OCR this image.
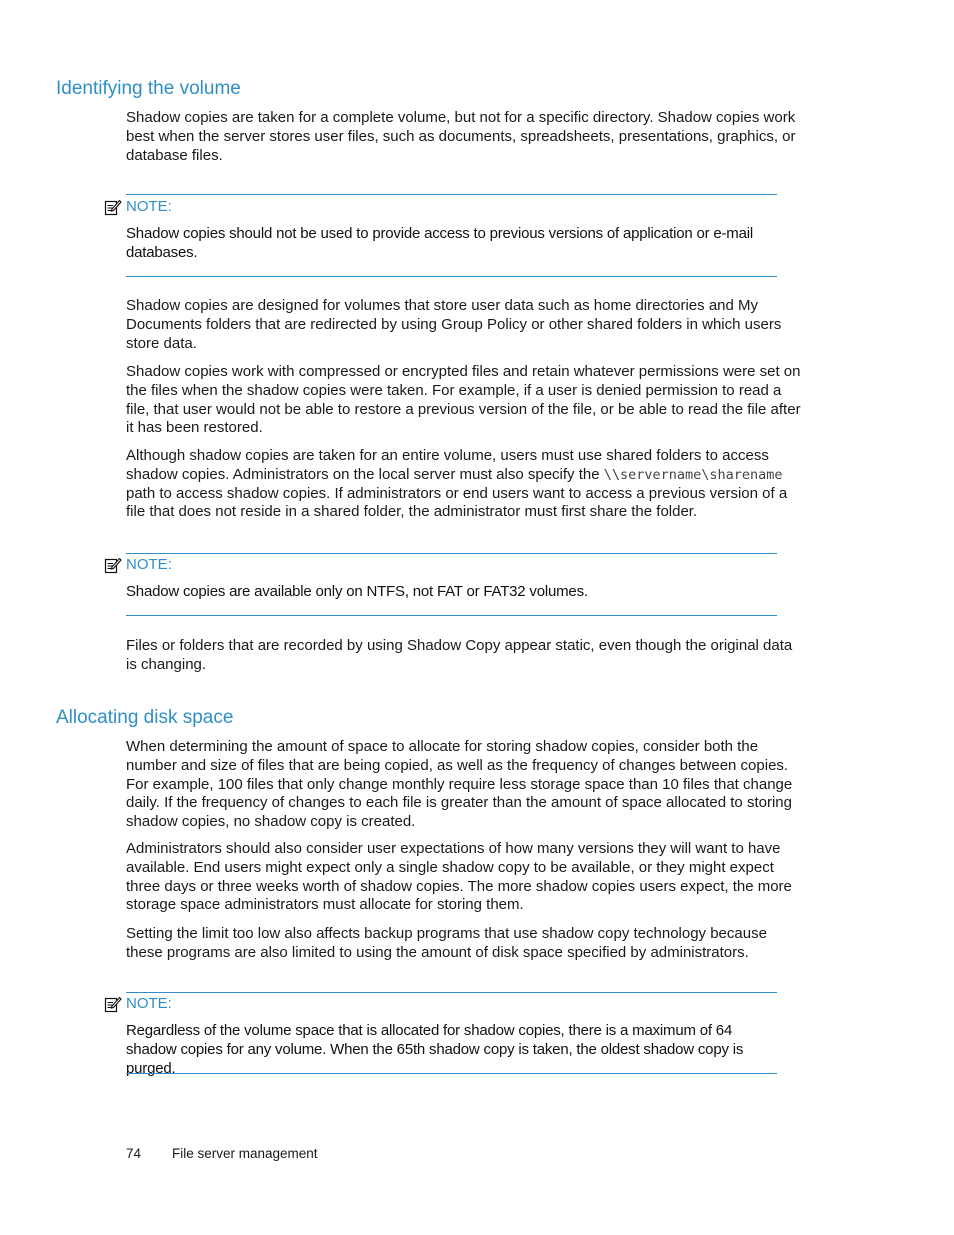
Identifying the volume

Shadow copies are taken for a complete volume, but not for a specific directory. Shadow copies work best when the server stores user files, such as documents, spreadsheets, presentations, graphics, or database files.

NOTE:

Shadow copies should not be used to provide access to previous versions of application or e-mail databases.

Shadow copies are designed for volumes that store user data such as home directories and My Documents folders that are redirected by using Group Policy or other shared folders in which users store data.

Shadow copies work with compressed or encrypted files and retain whatever permissions were set on the files when the shadow copies were taken. For example, if a user is denied permission to read a file, that user would not be able to restore a previous version of the file, or be able to read the file after it has been restored.

Although shadow copies are taken for an entire volume, users must use shared folders to access shadow copies. Administrators on the local server must also specify the \\servername\sharename path to access shadow copies. If administrators or end users want to access a previous version of a file that does not reside in a shared folder, the administrator must first share the folder.

NOTE:

Shadow copies are available only on NTFS, not FAT or FAT32 volumes.

Files or folders that are recorded by using Shadow Copy appear static, even though the original data is changing.

Allocating disk space

When determining the amount of space to allocate for storing shadow copies, consider both the number and size of files that are being copied, as well as the frequency of changes between copies. For example, 100 files that only change monthly require less storage space than 10 files that change daily. If the frequency of changes to each file is greater than the amount of space allocated to storing shadow copies, no shadow copy is created.

Administrators should also consider user expectations of how many versions they will want to have available. End users might expect only a single shadow copy to be available, or they might expect three days or three weeks worth of shadow copies. The more shadow copies users expect, the more storage space administrators must allocate for storing them.

Setting the limit too low also affects backup programs that use shadow copy technology because these programs are also limited to using the amount of disk space specified by administrators.

NOTE:

Regardless of the volume space that is allocated for shadow copies, there is a maximum of 64 shadow copies for any volume. When the 65th shadow copy is taken, the oldest shadow copy is purged.

74	File server management
